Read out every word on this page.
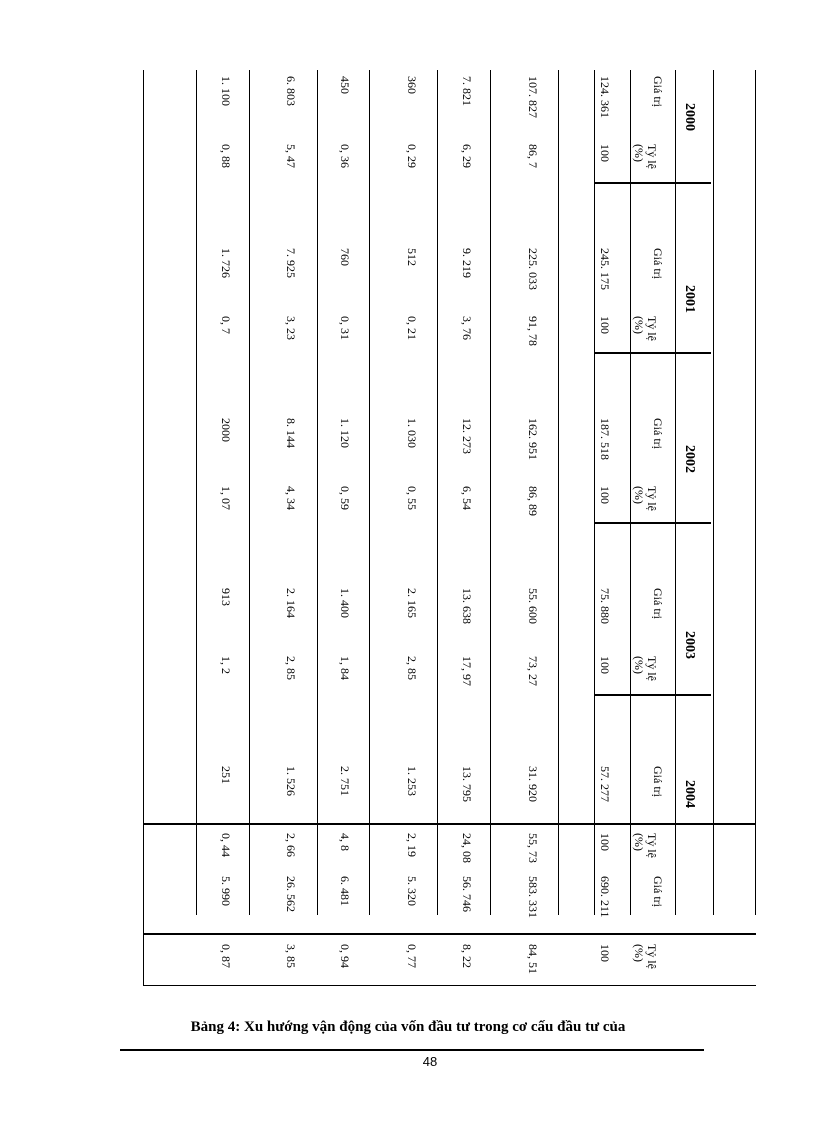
2000
2001
2002
2003
2004
Giá trị
Tỷ lệ
(%)
Giá trị
Tỷ lệ
(%)
Giá trị
Tỷ lệ
(%)
Giá trị
Tỷ lệ
(%)
Giá trị
Tỷ lệ
(%)
Giá trị
Tỷ lệ
(%)
124. 361
100
245. 175
100
187. 518
100
75. 880
100
57. 277
100
690. 211
100
107. 827
86, 7
225. 033
91, 78
162. 951
86, 89
55. 600
73, 27
31. 920
55, 73
583. 331
84, 51
7. 821
6, 29
9. 219
3, 76
12. 273
6, 54
13. 638
17, 97
13. 795
24, 08
56. 746
8, 22
360
0, 29
512
0, 21
1. 030
0, 55
2. 165
2, 85
1. 253
2, 19
5. 320
0, 77
450
0, 36
760
0, 31
1. 120
0, 59
1. 400
1, 84
2. 751
4, 8
6. 481
0, 94
6. 803
5, 47
7. 925
3, 23
8. 144
4, 34
2. 164
2, 85
1. 526
2, 66
26. 562
3, 85
1. 100
0, 88
1. 726
0, 7
2000
1, 07
913
1, 2
251
0, 44
5. 990
0, 87
Bảng 4: Xu hướng vận động của vốn đầu tư trong cơ cấu đầu tư của
48
